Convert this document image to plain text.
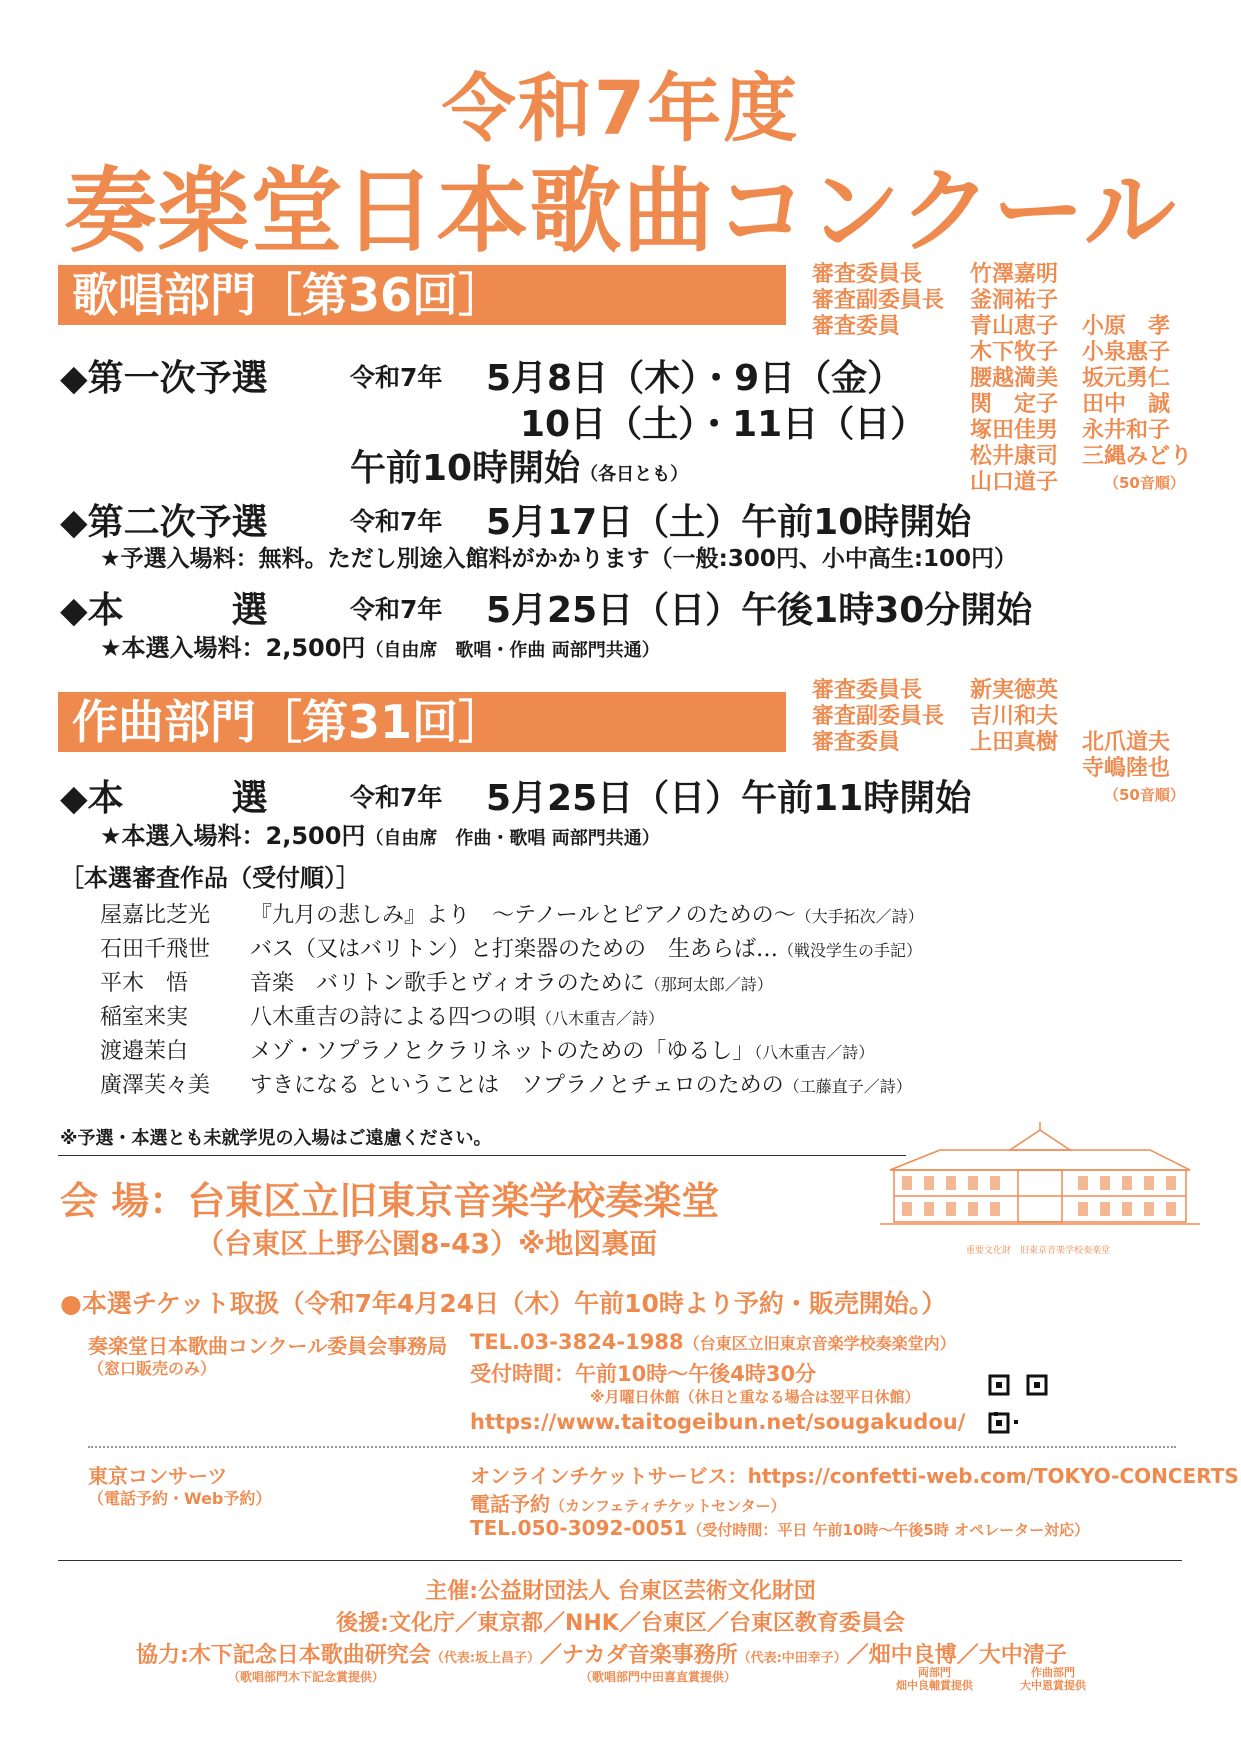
令和7年度
奏楽堂日本歌曲コンクール
歌唱部門［第36回］	審査委員長 竹澤嘉明
審査副委員長 釜洞祐子
審査委員	青山恵子 小原　孝
木下牧子 小泉惠子
腰越満美 坂元勇仁
関　定子 田中　誠
塚田佳男 永井和子
松井康司 三縄みどり
山口道子	（50音順）
◆第一次予選	令和7年 5月8日（木）・9日（金）
10日（土）・11日（日）
午前10時開始（各日とも）
◆第二次予選	令和7年 5月17日（土）午前10時開始
★予選入場料：無料。ただし別途入館料がかかります（一般:300円、小中高生:100円）
◆本　　　選	令和7年 5月25日（日）午後1時30分開始
★本選入場料：2,500円（自由席　歌唱・作曲 両部門共通）
作曲部門［第31回］
審査委員長 新実徳英
審査副委員長 吉川和夫
審査委員	上田真樹 北爪道夫
寺嶋陸也
（50音順）
◆本　　　選	令和7年 5月25日（日）午前11時開始
★本選入場料：2,500円（自由席　作曲・歌唱 両部門共通）
［本選審査作品（受付順）］
屋嘉比芝光 『九月の悲しみ』より　～テノールとピアノのための～（大手拓次／詩）
石田千飛世 バス（又はバリトン）と打楽器のための　生あらば…（戦没学生の手記）
平木　悟	音楽　バリトン歌手とヴィオラのために（那珂太郎／詩）
稲室来実	八木重吉の詩による四つの唄（八木重吉／詩）
渡邉茉白	メゾ・ソプラノとクラリネットのための「ゆるし」（八木重吉／詩）
廣澤芙々美 すきになる ということは　ソプラノとチェロのための（工藤直子／詩）
※予選・本選とも未就学児の入場はご遠慮ください。
会 場：台東区立旧東京音楽学校奏楽堂
（台東区上野公園8-43）※地図裏面	重要文化財　旧東京音楽学校奏楽堂
●本選チケット取扱（令和7年4月24日（木）午前10時より予約・販売開始。）
奏楽堂日本歌曲コンクール委員会事務局
（窓口販売のみ）
TEL.03-3824-1988（台東区立旧東京音楽学校奏楽堂内）
受付時間：午前10時～午後4時30分
※月曜日休館（休日と重なる場合は翌平日休館）
https://www.taitogeibun.net/sougakudou/
東京コンサーツ
（電話予約・Web予約）
オンラインチケットサービス：https://confetti-web.com/TOKYO-CONCERTS
電話予約（カンフェティチケットセンター）
TEL.050-3092-0051（受付時間：平日 午前10時～午後5時 オペレーター対応）
主催:公益財団法人 台東区芸術文化財団
後援:文化庁／東京都／NHK／台東区／台東区教育委員会
協力:木下記念日本歌曲研究会（代表:坂上昌子）／ナカダ音楽事務所（代表:中田幸子）／畑中良博／大中清子
（歌唱部門木下記念賞提供）	（歌唱部門中田喜直賞提供）	両部門
畑中良輔賞提供
作曲部門
大中恩賞提供
